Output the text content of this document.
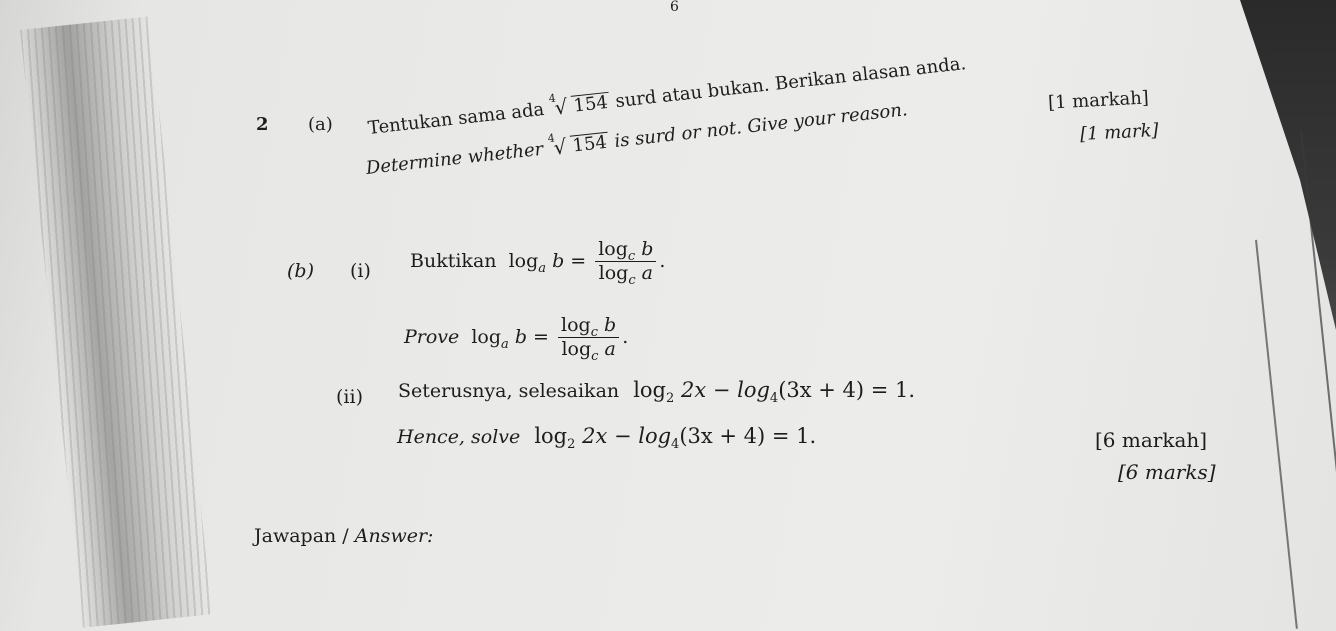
6
2 (a) Tentukan sama ada
4
√ 154 surd atau bukan. Berikan alasan anda.
Determine whether
4
√ 154 is surd or not. Give your reason.	[1 markah]
[1 mark]
(b) (i) Buktikan $\log_a b = \frac{\log_c b}{\log_c a}$ .
Prove $\log_a b = \frac{\log_c b}{\log_c a}$ .
(ii) Seterusnya, selesaikan $\log_2 2x - \log_4(3x + 4) = 1$.
Hence, solve $\log_2 2x - \log_4(3x + 4) = 1$.	[6 markah]
[6 marks]
Jawapan / Answer:
